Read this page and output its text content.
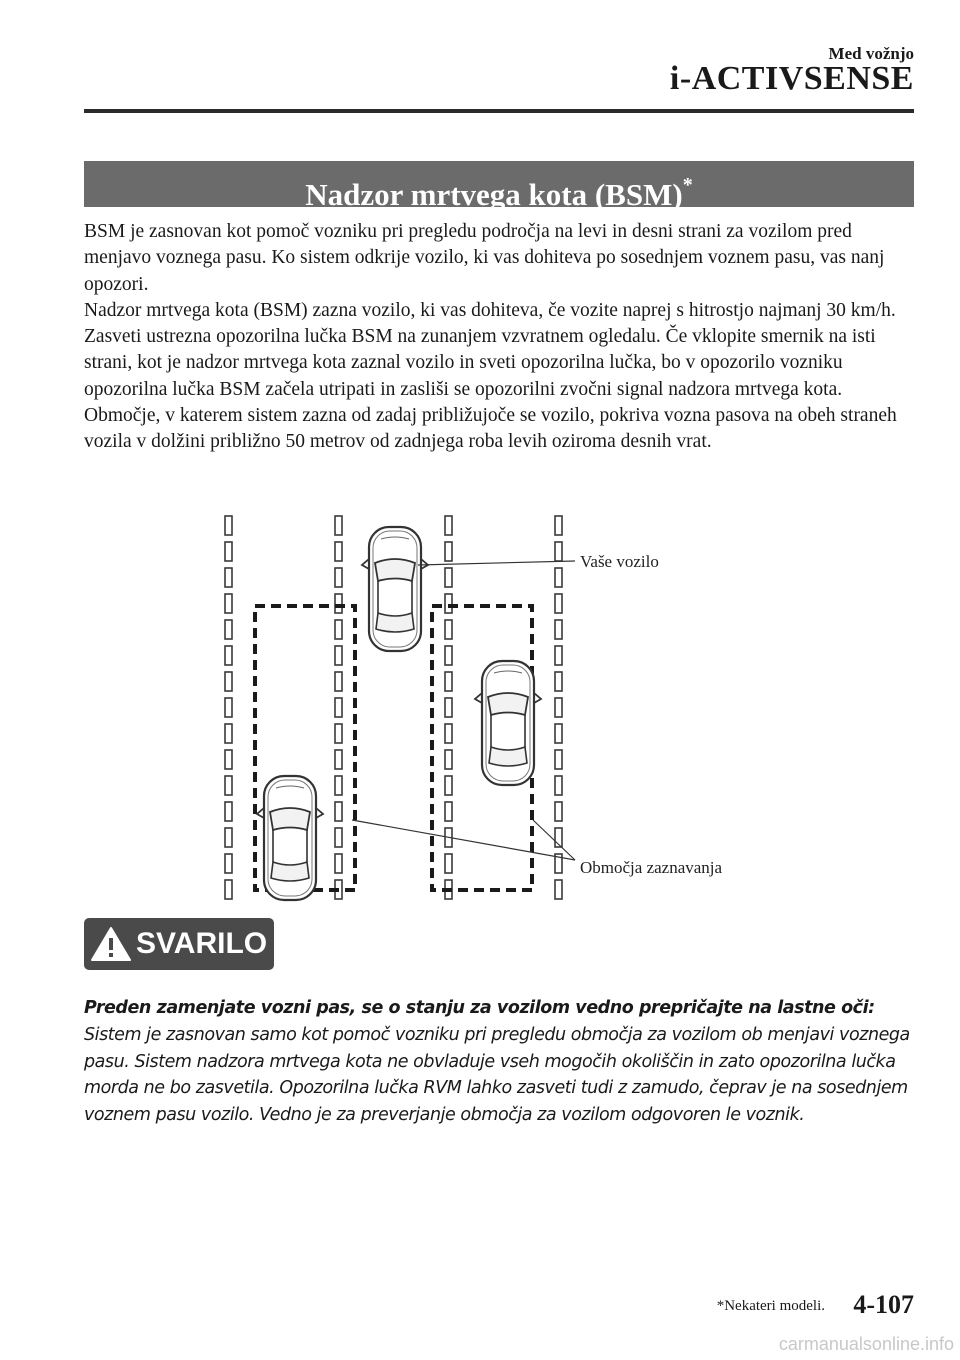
Med vožnjo
i-ACTIVSENSE
Nadzor mrtvega kota (BSM)*

BSM je zasnovan kot pomoč vozniku pri pregledu področja na levi in desni strani za vozilom pred menjavo voznega pasu. Ko sistem odkrije vozilo, ki vas dohiteva po sosednjem voznem pasu, vas nanj opozori.

Nadzor mrtvega kota (BSM) zazna vozilo, ki vas dohiteva, če vozite naprej s hitrostjo najmanj 30 km/h. Zasveti ustrezna opozorilna lučka BSM na zunanjem vzvratnem ogledalu. Če vklopite smernik na isti strani, kot je nadzor mrtvega kota zaznal vozilo in sveti opozorilna lučka, bo v opozorilo vozniku opozorilna lučka BSM začela utripati in zasliši se opozorilni zvočni signal nadzora mrtvega kota.

Območje, v katerem sistem zazna od zadaj približujoče se vozilo, pokriva vozna pasova na obeh straneh vozila v dolžini približno 50 metrov od zadnjega roba levih oziroma desnih vrat.

Vaše vozilo
Območja zaznavanja
SVARILO

Preden zamenjate vozni pas, se o stanju za vozilom vedno prepričajte na lastne oči:

Sistem je zasnovan samo kot pomoč vozniku pri pregledu območja za vozilom ob menjavi voznega pasu. Sistem nadzora mrtvega kota ne obvladuje vseh mogočih okoliščin in zato opozorilna lučka morda ne bo zasvetila. Opozorilna lučka RVM lahko zasveti tudi z zamudo, čeprav je na sosednjem voznem pasu vozilo. Vedno je za preverjanje območja za vozilom odgovoren le voznik.

*Nekateri modeli. 4-107
carmanualsonline.info
